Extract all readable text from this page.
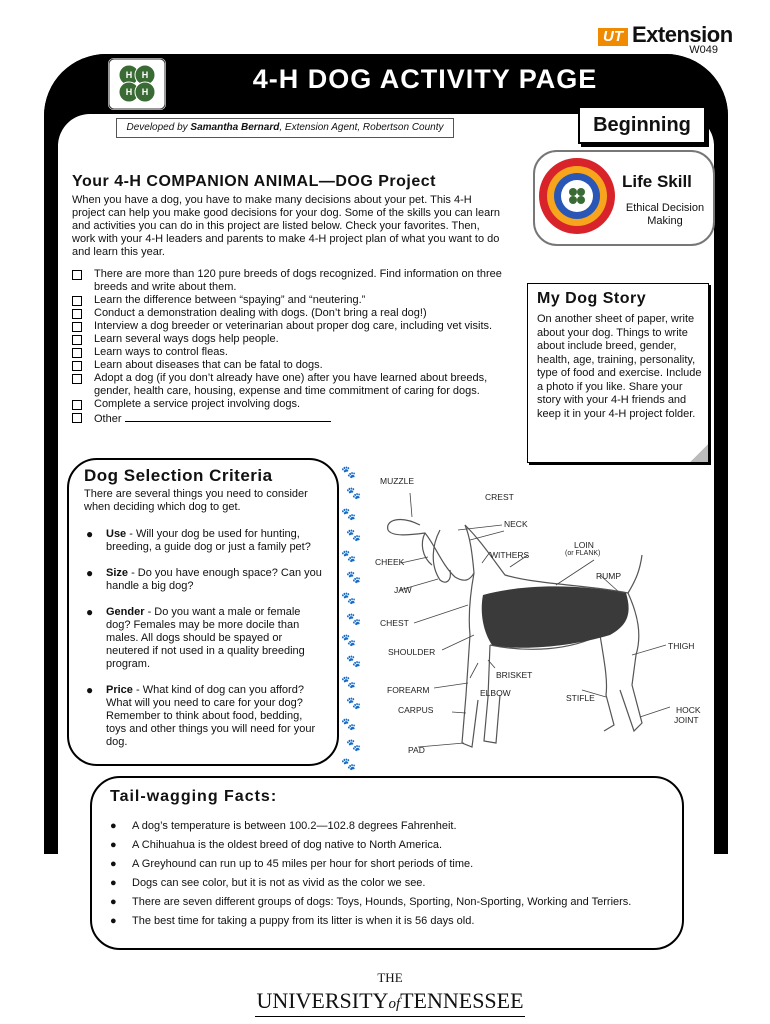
UT Extension
W049
H H
H H	4-H DOG ACTIVITY PAGE
Developed by Samantha Bernard, Extension Agent, Robertson County	Beginning
Life Skill
Ethical Decision Making
Your 4-H COMPANION ANIMAL—DOG Project
When you have a dog, you have to make many decisions about your pet. This 4-H project can help you make good decisions for your dog. Some of the skills you can learn and activities you can do in this project are listed below. Check your favorites. Then, work with your 4-H leaders and parents to make 4-H project plan of what you want to do and learn this year.
There are more than 120 pure breeds of dogs recognized. Find information on three breeds and write about them.
Learn the difference between “spaying” and “neutering.”
Conduct a demonstration dealing with dogs. (Don’t bring a real dog!)
Interview a dog breeder or veterinarian about proper dog care, including vet visits.
Learn several ways dogs help people.
Learn ways to control fleas.
Learn about diseases that can be fatal to dogs.
Adopt a dog (if you don’t already have one) after you have learned about breeds, gender, health care, housing, expense and time commitment of caring for dogs.
Complete a service project involving dogs.
Other
My Dog Story
On another sheet of paper, write about your dog. Things to write about include breed, gender, health, age, training, personality, type of food and exercise. Include a photo if you like. Share your story with your 4-H friends and keep it in your 4-H project folder.
Dog Selection Criteria
There are several things you need to consider when deciding which dog to get.
● Use - Will your dog be used for hunting, breeding, a guide dog or just a family pet?
● Size - Do you have enough space? Can you handle a big dog?
● Gender - Do you want a male or female dog? Females may be more docile than males. All dogs should be spayed or neutered if not used in a quality breeding program.
● Price - What kind of dog can you afford? What will you need to care for your dog? Remember to think about food, bedding, toys and other things you will need for your dog.
🐾
🐾
🐾
🐾
🐾
🐾
🐾
🐾
🐾
🐾
🐾
🐾
🐾
🐾
🐾
MUZZLE
CREST
NECK
LOIN
(or FLANK)
WITHERS
CHEEK
RUMP
JAW
CHEST
THIGH
SHOULDER
BRISKET
FOREARM	ELBOW	STIFLE
CARPUS	HOCK
JOINT
PAD
Tail-wagging Facts:
● A dog’s temperature is between 100.2—102.8 degrees Fahrenheit.
● A Chihuahua is the oldest breed of dog native to North America.
● A Greyhound can run up to 45 miles per hour for short periods of time.
● Dogs can see color, but it is not as vivid as the color we see.
● There are seven different groups of dogs: Toys, Hounds, Sporting, Non-Sporting, Working and Terriers.
● The best time for taking a puppy from its litter is when it is 56 days old.
THE UNIVERSITYofTENNESSEE
